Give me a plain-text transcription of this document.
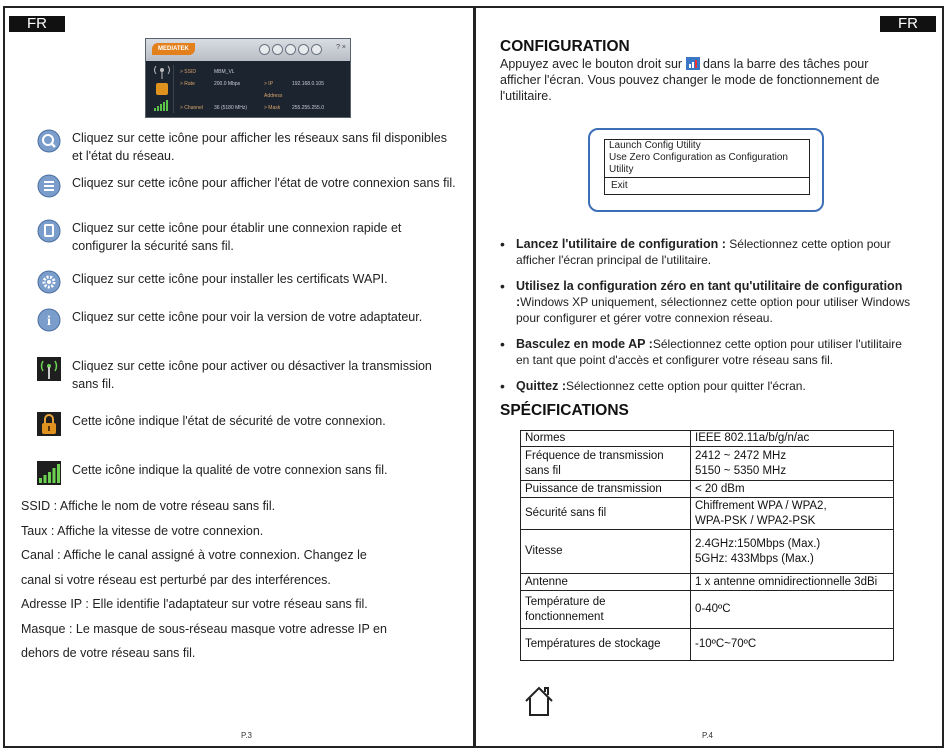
FR
MEDIATEK	? ×
> SSID	MBM_VL
> Rate	200.0 Mbps	> IP Address
192.168.0.105
> Channel	36 (5180 MHz)	> Mask	255.255.255.0
Cliquez sur cette icône pour afficher les réseaux sans fil disponibles et l'état du réseau.
Cliquez sur cette icône pour afficher l'état de votre connexion sans fil.
Cliquez sur cette icône pour établir une connexion rapide et configurer la sécurité sans fil.
Cliquez sur cette icône pour installer les certificats WAPI.
i Cliquez sur cette icône pour voir la version de votre adaptateur.
Cliquez sur cette icône pour activer ou désactiver la transmission sans fil.
Cette icône indique l'état de sécurité de votre connexion.
Cette icône indique la qualité de votre connexion sans fil.

SSID : Affiche le nom de votre réseau sans fil.

Taux : Affiche la vitesse de votre connexion.

Canal : Affiche le canal assigné à votre connexion. Changez le

canal si votre réseau est perturbé par des interférences.

Adresse IP : Elle identifie l'adaptateur sur votre réseau sans fil.

Masque : Le masque de sous-réseau masque votre adresse IP en

dehors de votre réseau sans fil.

P.3
FR
CONFIGURATION
Appuyez avec le bouton droit sur dans la barre des tâches pour afficher l'écran. Vous pouvez changer le mode de fonctionnement de l'utilitaire.
Launch Config Utility
Use Zero Configuration as Configuration Utility
Exit
• Lancez l'utilitaire de configuration : Sélectionnez cette option pour afficher l'écran principal de l'utilitaire.
• Utilisez la configuration zéro en tant qu'utilitaire de configuration :Windows XP uniquement, sélectionnez cette option pour utiliser Windows pour configurer et gérer votre connexion réseau.
• Basculez en mode AP :Sélectionnez cette option pour utiliser l'utilitaire en tant que point d'accès et configurer votre réseau sans fil.
• Quittez :Sélectionnez cette option pour quitter l'écran.
SPÉCIFICATIONS
Normes	IEEE 802.11a/b/g/n/ac
Fréquence de transmission sans fil	2412 ~ 2472 MHz
5150 ~ 5350 MHz
Puissance de transmission	< 20 dBm
Sécurité sans fil	Chiffrement WPA / WPA2,
WPA-PSK / WPA2-PSK
Vitesse	2.4GHz:150Mbps (Max.)
5GHz: 433Mbps (Max.)
Antenne	1 x antenne omnidirectionnelle 3dBi
Température de fonctionnement	0-40ºC
Températures de stockage	-10ºC~70ºC
P.4
